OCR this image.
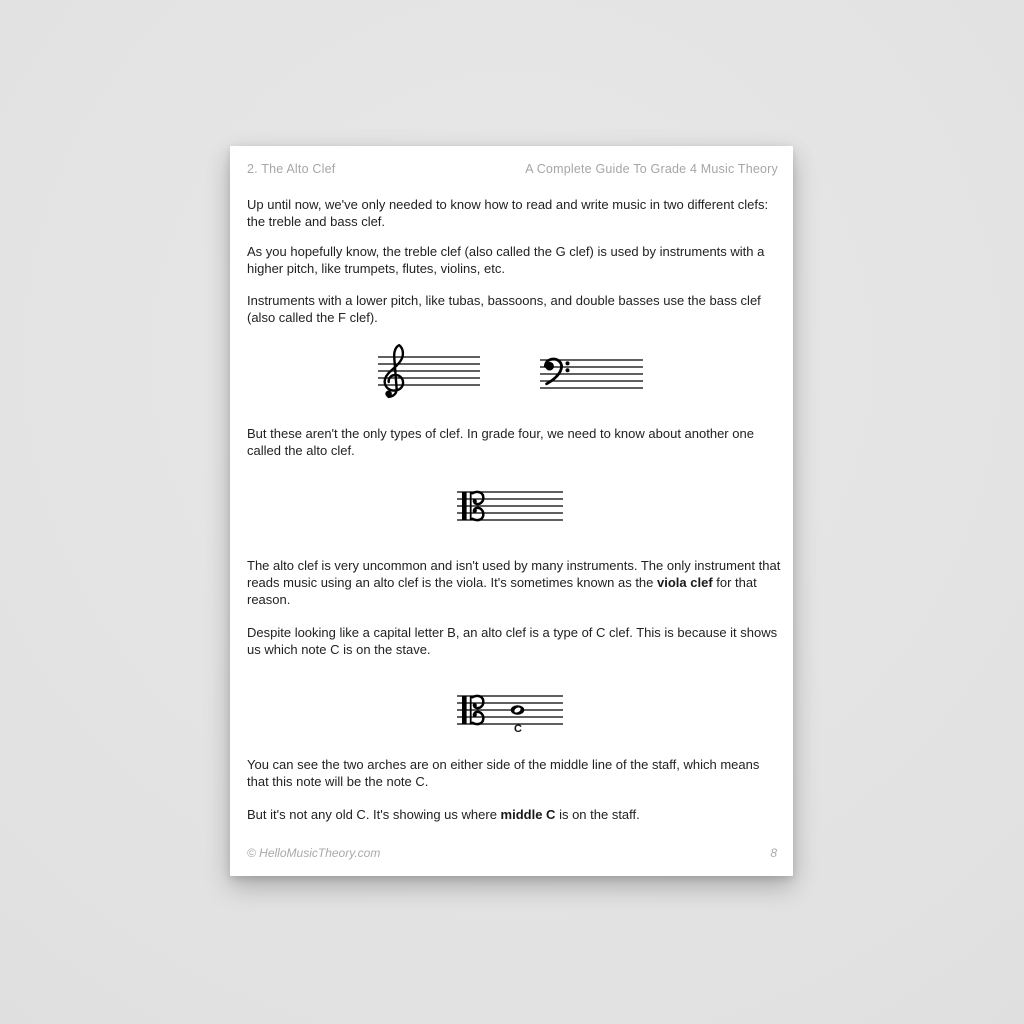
2. The Alto Clef	A Complete Guide To Grade 4 Music Theory

Up until now, we've only needed to know how to read and write music in two different clefs: the treble and bass clef.

As you hopefully know, the treble clef (also called the G clef) is used by instruments with a higher pitch, like trumpets, flutes, violins, etc.

Instruments with a lower pitch, like tubas, bassoons, and double basses use the bass clef (also called the F clef).

But these aren't the only types of clef. In grade four, we need to know about another one called the alto clef.

The alto clef is very uncommon and isn't used by many instruments. The only instrument that reads music using an alto clef is the viola. It's sometimes known as the viola clef for that reason.

Despite looking like a capital letter B, an alto clef is a type of C clef. This is because it shows us which note C is on the stave.

C

You can see the two arches are on either side of the middle line of the staff, which means that this note will be the note C.

But it's not any old C. It's showing us where middle C is on the staff.

© HelloMusicTheory.com	8
